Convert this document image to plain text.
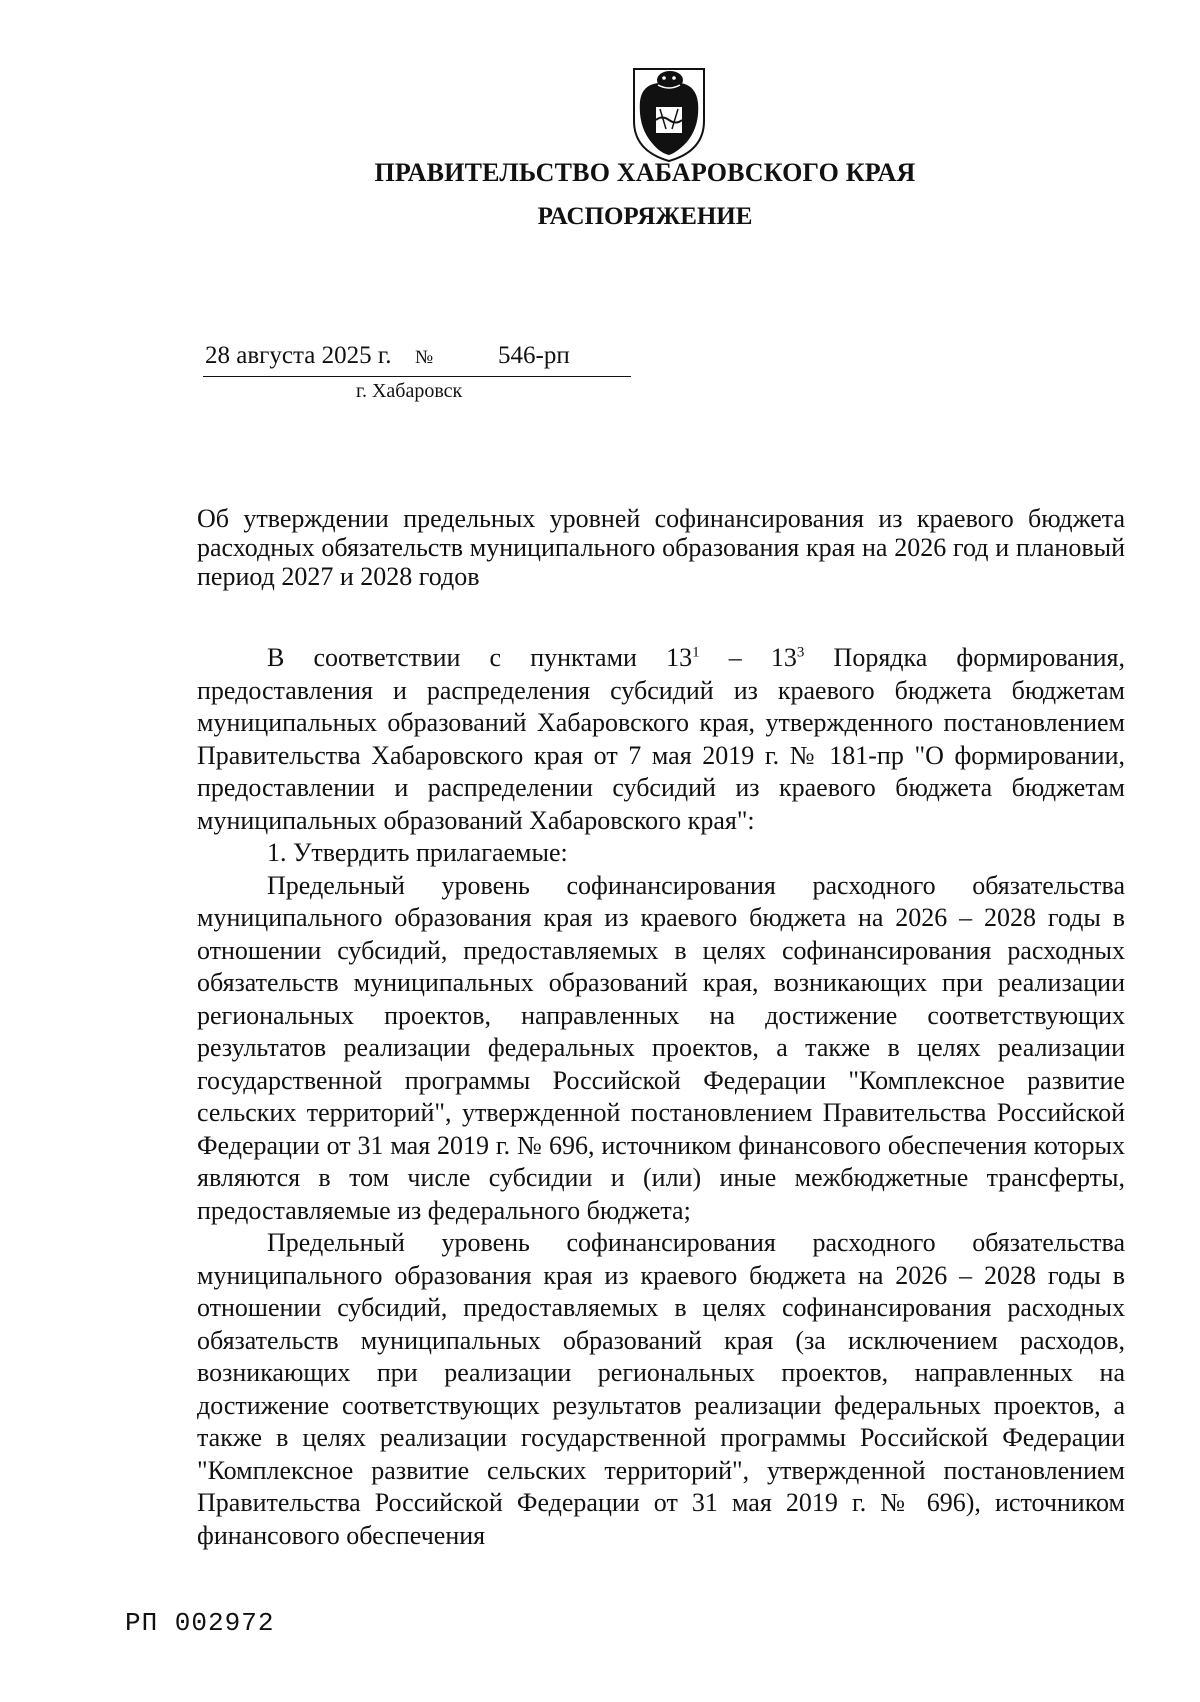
ПРАВИТЕЛЬСТВО ХАБАРОВСКОГО КРАЯ
РАСПОРЯЖЕНИЕ
28 августа 2025 г. №	546-рп
г. Хабаровск
Об утверждении предельных уровней софинансирования из краевого бюджета расходных обязательств муниципального образования края на 2026 год и плановый период 2027 и 2028 годов

В соответствии с пунктами $13^1 - 13^3$ Порядка формирования, предоставления и распределения субсидий из краевого бюджета бюджетам муниципальных образований Хабаровского края, утвержденного постановлением Правительства Хабаровского края от 7 мая 2019 г. № 181-пр "О формировании, предоставлении и распределении субсидий из краевого бюджета бюджетам муниципальных образований Хабаровского края":

1. Утвердить прилагаемые:

Предельный уровень софинансирования расходного обязательства муниципального образования края из краевого бюджета на 2026 – 2028 годы в отношении субсидий, предоставляемых в целях софинансирования расходных обязательств муниципальных образований края, возникающих при реализации региональных проектов, направленных на достижение соответствующих результатов реализации федеральных проектов, а также в целях реализации государственной программы Российской Федерации "Комплексное развитие сельских территорий", утвержденной постановлением Правительства Российской Федерации от 31 мая 2019 г. № 696, источником финансового обеспечения которых являются в том числе субсидии и (или) иные межбюджетные трансферты, предоставляемые из федерального бюджета;

Предельный уровень софинансирования расходного обязательства муниципального образования края из краевого бюджета на 2026 – 2028 годы в отношении субсидий, предоставляемых в целях софинансирования расходных обязательств муниципальных образований края (за исключением расходов, возникающих при реализации региональных проектов, направленных на достижение соответствующих результатов реализации федеральных проектов, а также в целях реализации государственной программы Российской Федерации "Комплексное развитие сельских территорий", утвержденной постановлением Правительства Российской Федерации от 31 мая 2019 г. № 696), источником финансового обеспечения

РП 002972
